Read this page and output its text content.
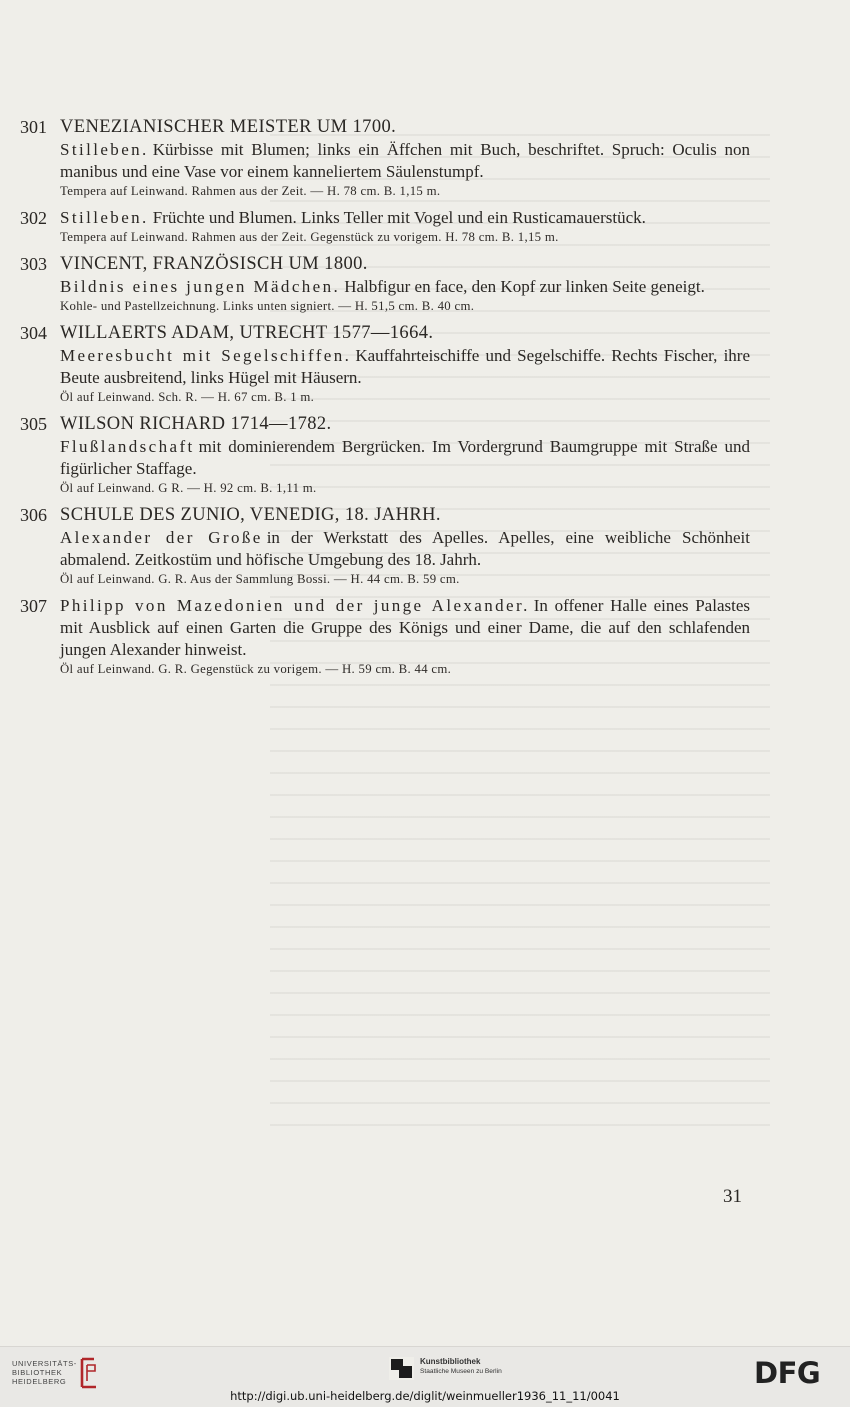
301 VENEZIANISCHER MEISTER UM 1700.
Stilleben. Kürbisse mit Blumen; links ein Äffchen mit Buch, beschriftet. Spruch: Oculis non manibus und eine Vase vor einem kanneliertem Säulenstumpf.
Tempera auf Leinwand. Rahmen aus der Zeit. — H. 78 cm. B. 1,15 m.
302 Stilleben. Früchte und Blumen. Links Teller mit Vogel und ein Rusticamauerstück.
Tempera auf Leinwand. Rahmen aus der Zeit. Gegenstück zu vorigem. H. 78 cm. B. 1,15 m.
303 VINCENT, FRANZÖSISCH UM 1800.
Bildnis eines jungen Mädchen. Halbfigur en face, den Kopf zur linken Seite geneigt.
Kohle- und Pastellzeichnung. Links unten signiert. — H. 51,5 cm. B. 40 cm.
304 WILLAERTS ADAM, UTRECHT 1577—1664.
Meeresbucht mit Segelschiffen. Kauffahrteischiffe und Segelschiffe. Rechts Fischer, ihre Beute ausbreitend, links Hügel mit Häusern.
Öl auf Leinwand. Sch. R. — H. 67 cm. B. 1 m.
305 WILSON RICHARD 1714—1782.
Flußlandschaft mit dominierendem Bergrücken. Im Vordergrund Baumgruppe mit Straße und figürlicher Staffage.
Öl auf Leinwand. G R. — H. 92 cm. B. 1,11 m.
306 SCHULE DES ZUNIO, VENEDIG, 18. JAHRH.
Alexander der Große in der Werkstatt des Apelles. Apelles, eine weibliche Schönheit abmalend. Zeitkostüm und höfische Umgebung des 18. Jahrh.
Öl auf Leinwand. G. R. Aus der Sammlung Bossi. — H. 44 cm. B. 59 cm.
307 Philipp von Mazedonien und der junge Alexander. In offener Halle eines Palastes mit Ausblick auf einen Garten die Gruppe des Königs und einer Dame, die auf den schlafenden jungen Alexander hinweist.
Öl auf Leinwand. G. R. Gegenstück zu vorigem. — H. 59 cm. B. 44 cm.
31
UNIVERSITÄTS-
BIBLIOTHEK
HEIDELBERG
Kunstbibliothek
Staatliche Museen zu Berlin	DFG
http://digi.ub.uni-heidelberg.de/diglit/weinmueller1936_11_11/0041
